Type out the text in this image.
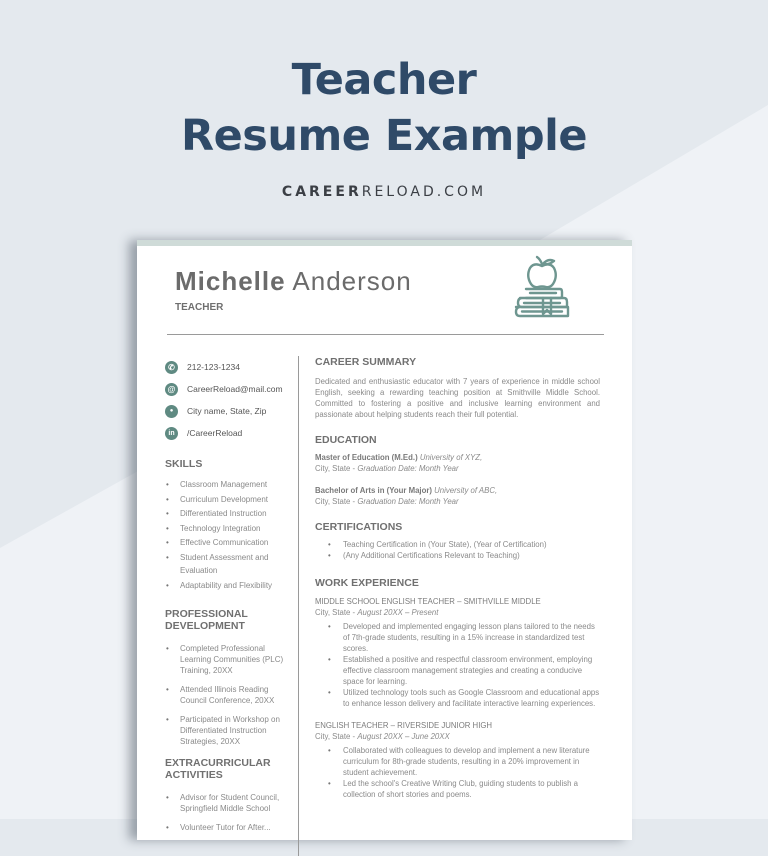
Teacher
Resume Example
CAREERRELOAD.COM
Michelle Anderson
TEACHER
✆	212-123-1234
@	CareerReload@mail.com
●	City name, State, Zip
in	/CareerReload
SKILLS
• Classroom Management
• Curriculum Development
• Differentiated Instruction
• Technology Integration
• Effective Communication
• Student Assessment and Evaluation
• Adaptability and Flexibility
PROFESSIONAL DEVELOPMENT
• Completed Professional Learning Communities (PLC) Training, 20XX
• Attended Illinois Reading Council Conference, 20XX
• Participated in Workshop on Differentiated Instruction Strategies, 20XX
EXTRACURRICULAR ACTIVITIES
• Advisor for Student Council, Springfield Middle School
• Volunteer Tutor for After...
CAREER SUMMARY
Dedicated and enthusiastic educator with 7 years of experience in middle school English, seeking a rewarding teaching position at Smithville Middle School. Committed to fostering a positive and inclusive learning environment and passionate about helping students reach their full potential.
EDUCATION
Master of Education (M.Ed.) University of XYZ,
City, State - Graduation Date: Month Year
Bachelor of Arts in (Your Major) University of ABC,
City, State - Graduation Date: Month Year
CERTIFICATIONS
• Teaching Certification in (Your State), (Year of Certification)
• (Any Additional Certifications Relevant to Teaching)
WORK EXPERIENCE
MIDDLE SCHOOL ENGLISH TEACHER – SMITHVILLE MIDDLE
City, State - August 20XX – Present
• Developed and implemented engaging lesson plans tailored to the needs of 7th-grade students, resulting in a 15% increase in standardized test scores.
• Established a positive and respectful classroom environment, employing effective classroom management strategies and creating a conducive space for learning.
• Utilized technology tools such as Google Classroom and educational apps to enhance lesson delivery and facilitate interactive learning experiences.
ENGLISH TEACHER – RIVERSIDE JUNIOR HIGH
City, State - August 20XX – June 20XX
• Collaborated with colleagues to develop and implement a new literature curriculum for 8th-grade students, resulting in a 20% improvement in student achievement.
• Led the school's Creative Writing Club, guiding students to publish a collection of short stories and poems.
